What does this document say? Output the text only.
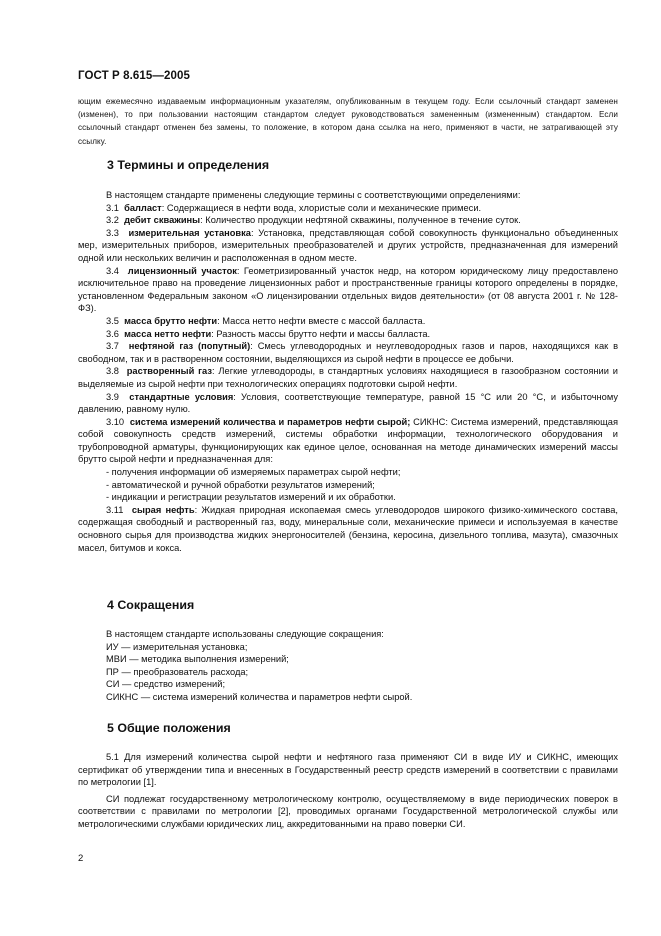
ГОСТ Р 8.615—2005
ющим ежемесячно издаваемым информационным указателям, опубликованным в текущем году. Если ссылочный стандарт заменен (изменен), то при пользовании настоящим стандартом следует руководствоваться замененным (измененным) стандартом. Если ссылочный стандарт отменен без замены, то положение, в котором дана ссылка на него, применяют в части, не затрагивающей эту ссылку.
3 Термины и определения

В настоящем стандарте применены следующие термины с соответствующими определениями:

3.1 балласт: Содержащиеся в нефти вода, хлористые соли и механические примеси.

3.2 дебит скважины: Количество продукции нефтяной скважины, полученное в течение суток.

3.3 измерительная установка: Установка, представляющая собой совокупность функционально объединенных мер, измерительных приборов, измерительных преобразователей и других устройств, предназначенная для измерений одной или нескольких величин и расположенная в одном месте.

3.4 лицензионный участок: Геометризированный участок недр, на котором юридическому лицу предоставлено исключительное право на проведение лицензионных работ и пространственные границы которого определены в порядке, установленном Федеральным законом «О лицензировании отдельных видов деятельности» (от 08 августа 2001 г. № 128-ФЗ).

3.5 масса брутто нефти: Масса нетто нефти вместе с массой балласта.

3.6 масса нетто нефти: Разность массы брутто нефти и массы балласта.

3.7 нефтяной газ (попутный): Смесь углеводородных и неуглеводородных газов и паров, находящихся как в свободном, так и в растворенном состоянии, выделяющихся из сырой нефти в процессе ее добычи.

3.8 растворенный газ: Легкие углеводороды, в стандартных условиях находящиеся в газообразном состоянии и выделяемые из сырой нефти при технологических операциях подготовки сырой нефти.

3.9 стандартные условия: Условия, соответствующие температуре, равной 15 °С или 20 °С, и избыточному давлению, равному нулю.

3.10 система измерений количества и параметров нефти сырой; СИКНС: Система измерений, представляющая собой совокупность средств измерений, системы обработки информации, технологического оборудования и трубопроводной арматуры, функционирующих как единое целое, основанная на методе динамических измерений массы брутто сырой нефти и предназначенная для:

- получения информации об измеряемых параметрах сырой нефти;

- автоматической и ручной обработки результатов измерений;

- индикации и регистрации результатов измерений и их обработки.

3.11 сырая нефть: Жидкая природная ископаемая смесь углеводородов широкого физико-химического состава, содержащая свободный и растворенный газ, воду, минеральные соли, механические примеси и используемая в качестве основного сырья для производства жидких энергоносителей (бензина, керосина, дизельного топлива, мазута), смазочных масел, битумов и кокса.

4 Сокращения

В настоящем стандарте использованы следующие сокращения:

ИУ — измерительная установка;

МВИ — методика выполнения измерений;

ПР — преобразователь расхода;

СИ — средство измерений;

СИКНС — система измерений количества и параметров нефти сырой.

5 Общие положения

5.1 Для измерений количества сырой нефти и нефтяного газа применяют СИ в виде ИУ и СИКНС, имеющих сертификат об утверждении типа и внесенных в Государственный реестр средств измерений в соответствии с правилами по метрологии [1].

СИ подлежат государственному метрологическому контролю, осуществляемому в виде периодических поверок в соответствии с правилами по метрологии [2], проводимых органами Государственной метрологической службы или метрологическими службами юридических лиц, аккредитованными на право поверки СИ.

2
